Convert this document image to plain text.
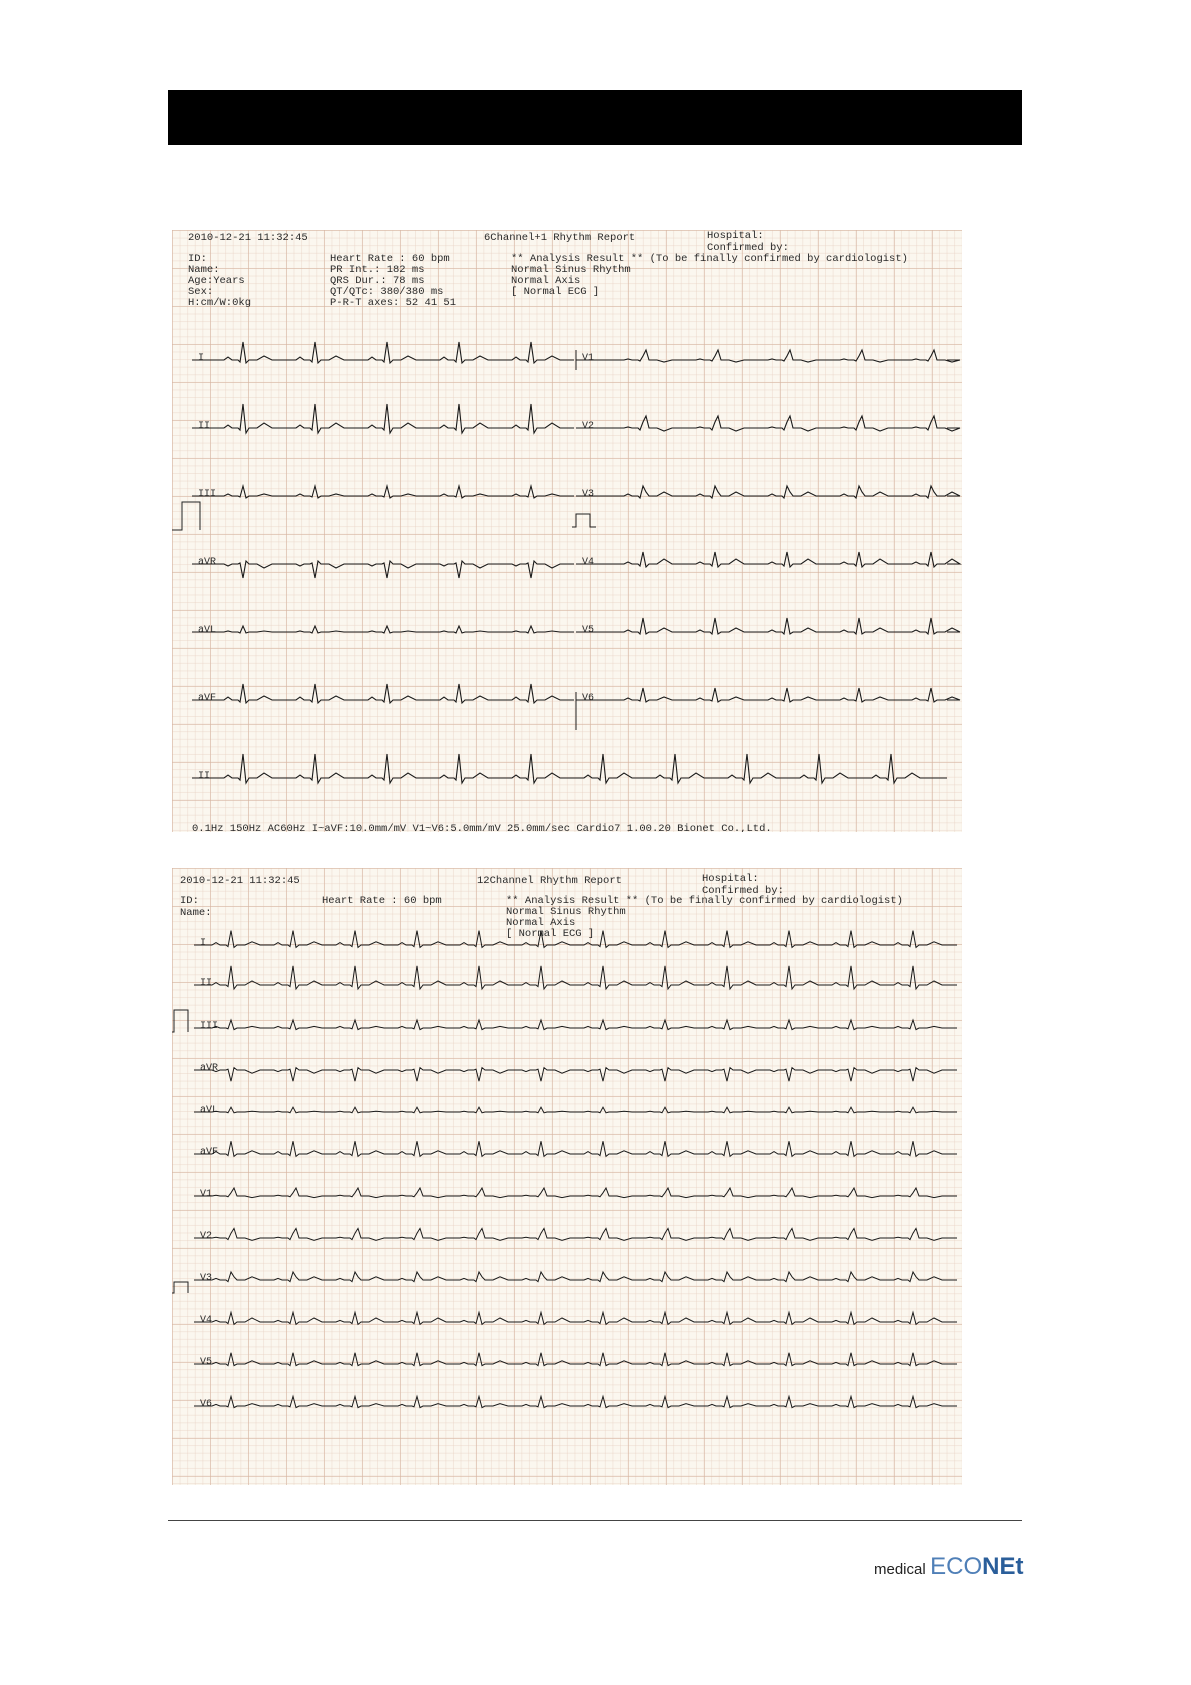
2010-12-21 11:32:45	6Channel+1 Rhythm Report	Hospital:
Confirmed by:
ID:
Name:
Age:Years
Sex:
H:cm/W:0kg
Heart Rate : 60 bpm
PR Int.: 182 ms
QRS Dur.: 78 ms
QT/QTc: 380/380 ms
P-R-T axes: 52 41 51
** Analysis Result ** (To be finally confirmed by cardiologist)
Normal Sinus Rhythm
Normal Axis
[ Normal ECG ]
I
II
III
aVR
aVL
aVF
II
V1
V2
V3
V4
V5
V6
0.1Hz 150Hz AC60Hz I~aVF:10.0mm/mV V1~V6:5.0mm/mV 25.0mm/sec Cardio7 1.00.20 Bionet Co.,Ltd.
2010-12-21 11:32:45	12Channel Rhythm Report	Hospital:
Confirmed by:
ID:
Name:
Heart Rate : 60 bpm	** Analysis Result ** (To be finally confirmed by cardiologist)
Normal Sinus Rhythm
Normal Axis
[ Normal ECG ]
I
II
III
aVR
aVL
aVF
V1
V2
V3
V4
V5
V6
medical ECONEt
